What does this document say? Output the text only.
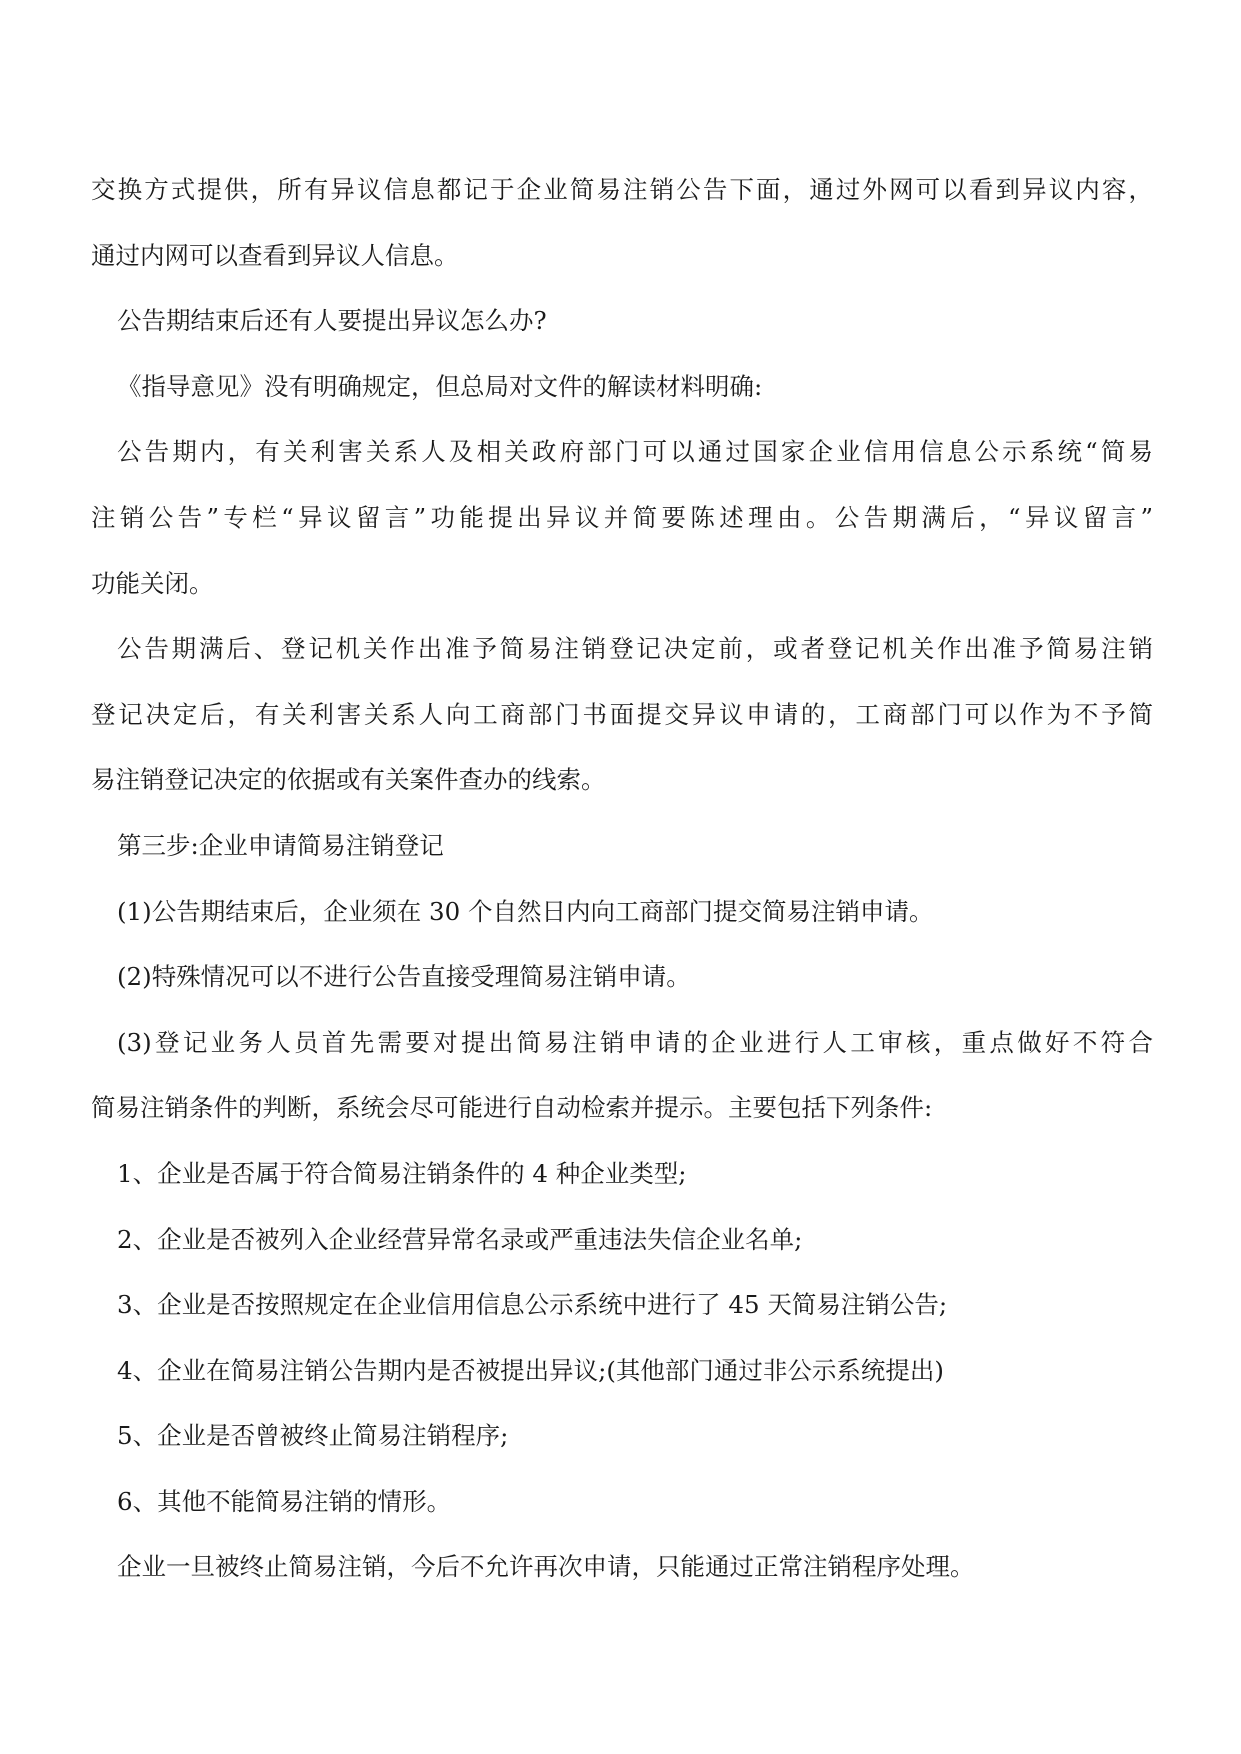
交换方式提供，所有异议信息都记于企业简易注销公告下面，通过外网可以看到异议内容，
通过内网可以查看到异议人信息。
公告期结束后还有人要提出异议怎么办?
《指导意见》没有明确规定，但总局对文件的解读材料明确:
公告期内，有关利害关系人及相关政府部门可以通过国家企业信用信息公示系统“简易
注销公告”专栏“异议留言”功能提出异议并简要陈述理由。公告期满后，“异议留言”
功能关闭。
公告期满后、登记机关作出准予简易注销登记决定前，或者登记机关作出准予简易注销
登记决定后，有关利害关系人向工商部门书面提交异议申请的，工商部门可以作为不予简
易注销登记决定的依据或有关案件查办的线索。
第三步:企业申请简易注销登记
(1)公告期结束后，企业须在 30 个自然日内向工商部门提交简易注销申请。
(2)特殊情况可以不进行公告直接受理简易注销申请。
(3)登记业务人员首先需要对提出简易注销申请的企业进行人工审核，重点做好不符合
简易注销条件的判断，系统会尽可能进行自动检索并提示。主要包括下列条件:
1、企业是否属于符合简易注销条件的 4 种企业类型;
2、企业是否被列入企业经营异常名录或严重违法失信企业名单;
3、企业是否按照规定在企业信用信息公示系统中进行了 45 天简易注销公告;
4、企业在简易注销公告期内是否被提出异议;(其他部门通过非公示系统提出)
5、企业是否曾被终止简易注销程序;
6、其他不能简易注销的情形。
企业一旦被终止简易注销，今后不允许再次申请，只能通过正常注销程序处理。
